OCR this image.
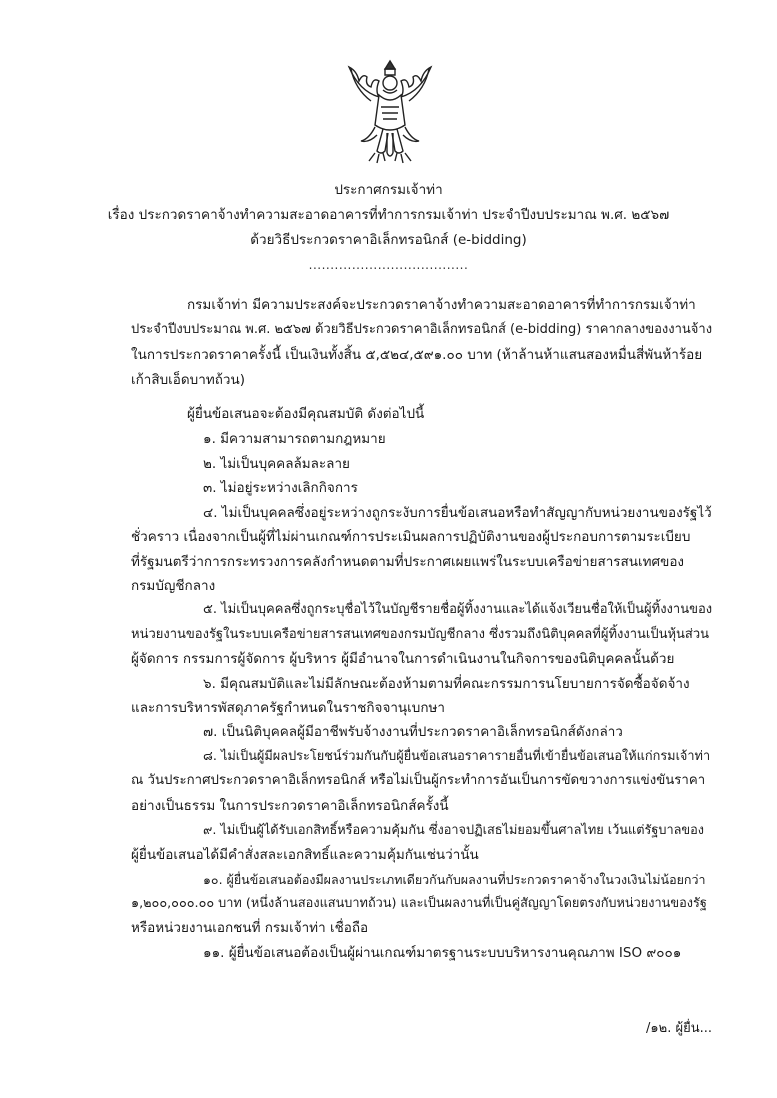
ประกาศกรมเจ้าท่า
เรื่อง ประกวดราคาจ้างทำความสะอาดอาคารที่ทำการกรมเจ้าท่า ประจำปีงบประมาณ พ.ศ. ๒๕๖๗
ด้วยวิธีประกวดราคาอิเล็กทรอนิกส์ (e-bidding)
.....................................
กรมเจ้าท่า มีความประสงค์จะประกวดราคาจ้างทำความสะอาดอาคารที่ทำการกรมเจ้าท่า
ประจำปีงบประมาณ พ.ศ. ๒๕๖๗ ด้วยวิธีประกวดราคาอิเล็กทรอนิกส์ (e-bidding) ราคากลางของงานจ้าง
ในการประกวดราคาครั้งนี้ เป็นเงินทั้งสิ้น ๕,๕๒๔,๕๙๑.๐๐ บาท (ห้าล้านห้าแสนสองหมื่นสี่พันห้าร้อย
เก้าสิบเอ็ดบาทถ้วน)
ผู้ยื่นข้อเสนอจะต้องมีคุณสมบัติ ดังต่อไปนี้
๑. มีความสามารถตามกฎหมาย
๒. ไม่เป็นบุคคลล้มละลาย
๓. ไม่อยู่ระหว่างเลิกกิจการ
๔. ไม่เป็นบุคคลซึ่งอยู่ระหว่างถูกระงับการยื่นข้อเสนอหรือทำสัญญากับหน่วยงานของรัฐไว้
ชั่วคราว เนื่องจากเป็นผู้ที่ไม่ผ่านเกณฑ์การประเมินผลการปฏิบัติงานของผู้ประกอบการตามระเบียบ
ที่รัฐมนตรีว่าการกระทรวงการคลังกำหนดตามที่ประกาศเผยแพร่ในระบบเครือข่ายสารสนเทศของ
กรมบัญชีกลาง
๕. ไม่เป็นบุคคลซึ่งถูกระบุชื่อไว้ในบัญชีรายชื่อผู้ทิ้งงานและได้แจ้งเวียนชื่อให้เป็นผู้ทิ้งงานของ
หน่วยงานของรัฐในระบบเครือข่ายสารสนเทศของกรมบัญชีกลาง ซึ่งรวมถึงนิติบุคคลที่ผู้ทิ้งงานเป็นหุ้นส่วน
ผู้จัดการ กรรมการผู้จัดการ ผู้บริหาร ผู้มีอำนาจในการดำเนินงานในกิจการของนิติบุคคลนั้นด้วย
๖. มีคุณสมบัติและไม่มีลักษณะต้องห้ามตามที่คณะกรรมการนโยบายการจัดซื้อจัดจ้าง
และการบริหารพัสดุภาครัฐกำหนดในราชกิจจานุเบกษา
๗. เป็นนิติบุคคลผู้มีอาชีพรับจ้างงานที่ประกวดราคาอิเล็กทรอนิกส์ดังกล่าว
๘. ไม่เป็นผู้มีผลประโยชน์ร่วมกันกับผู้ยื่นข้อเสนอราคารายอื่นที่เข้ายื่นข้อเสนอให้แก่กรมเจ้าท่า
ณ วันประกาศประกวดราคาอิเล็กทรอนิกส์ หรือไม่เป็นผู้กระทำการอันเป็นการขัดขวางการแข่งขันราคา
อย่างเป็นธรรม ในการประกวดราคาอิเล็กทรอนิกส์ครั้งนี้
๙. ไม่เป็นผู้ได้รับเอกสิทธิ์หรือความคุ้มกัน ซึ่งอาจปฏิเสธไม่ยอมขึ้นศาลไทย เว้นแต่รัฐบาลของ
ผู้ยื่นข้อเสนอได้มีคำสั่งสละเอกสิทธิ์และความคุ้มกันเช่นว่านั้น
๑๐. ผู้ยื่นข้อเสนอต้องมีผลงานประเภทเดียวกันกับผลงานที่ประกวดราคาจ้างในวงเงินไม่น้อยกว่า
๑,๒๐๐,๐๐๐.๐๐ บาท (หนึ่งล้านสองแสนบาทถ้วน) และเป็นผลงานที่เป็นคู่สัญญาโดยตรงกับหน่วยงานของรัฐ
หรือหน่วยงานเอกชนที่ กรมเจ้าท่า เชื่อถือ
๑๑. ผู้ยื่นข้อเสนอต้องเป็นผู้ผ่านเกณฑ์มาตรฐานระบบบริหารงานคุณภาพ ISO ๙๐๐๑
/๑๒. ผู้ยื่น...
